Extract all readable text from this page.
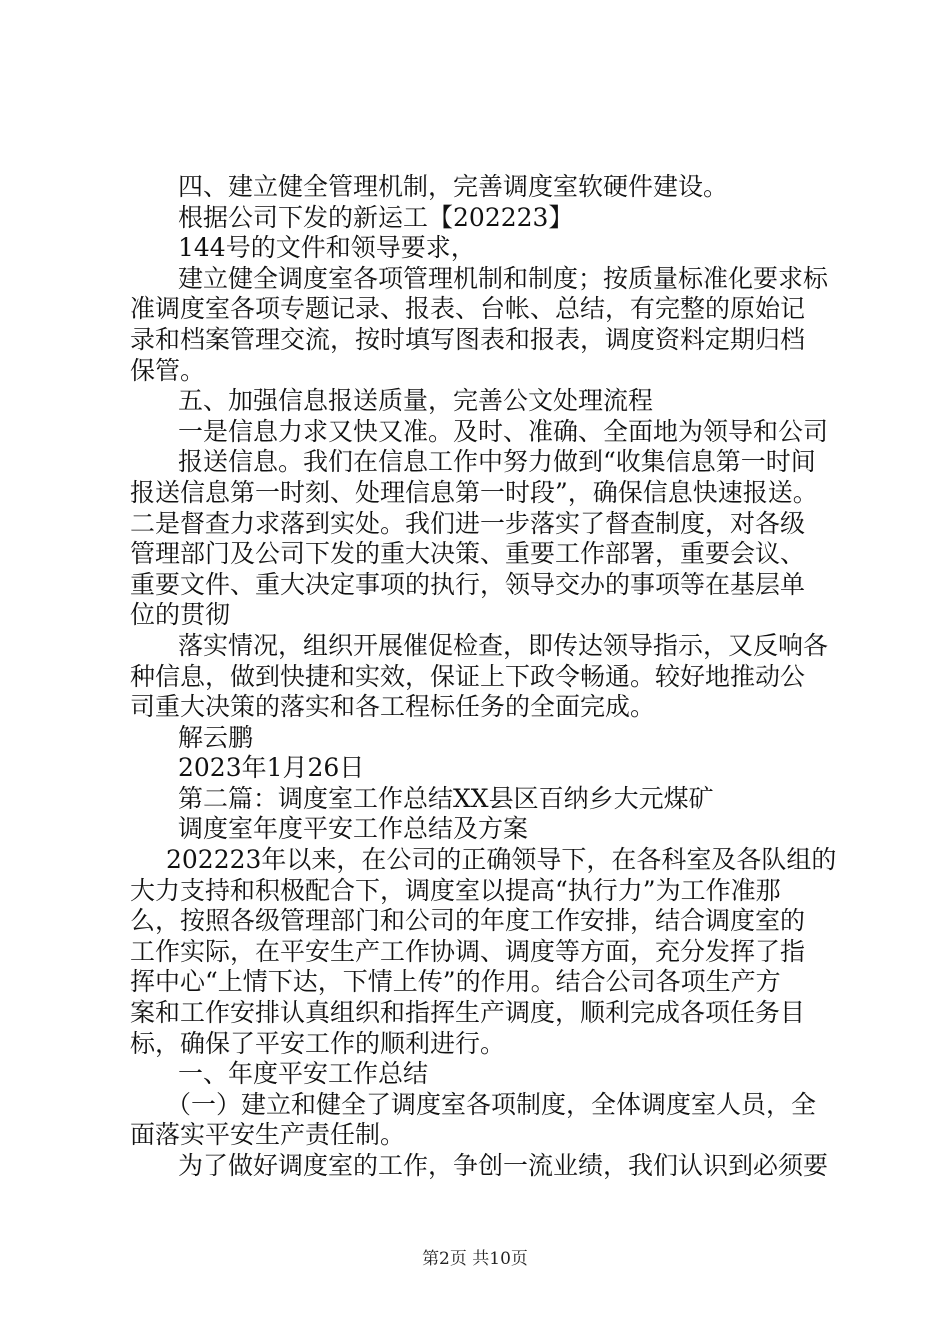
四、建立健全管理机制，完善调度室软硬件建设。
根据公司下发的新运工【202223】
144号的文件和领导要求，
建立健全调度室各项管理机制和制度；按质量标准化要求标
准调度室各项专题记录、报表、台帐、总结，有完整的原始记
录和档案管理交流，按时填写图表和报表，调度资料定期归档
保管。
五、加强信息报送质量，完善公文处理流程
一是信息力求又快又准。及时、准确、全面地为领导和公司
报送信息。我们在信息工作中努力做到“收集信息第一时间
报送信息第一时刻、处理信息第一时段”，确保信息快速报送。
二是督查力求落到实处。我们进一步落实了督查制度，对各级
管理部门及公司下发的重大决策、重要工作部署，重要会议、
重要文件、重大决定事项的执行，领导交办的事项等在基层单
位的贯彻
落实情况，组织开展催促检查，即传达领导指示，又反响各
种信息，做到快捷和实效，保证上下政令畅通。较好地推动公
司重大决策的落实和各工程标任务的全面完成。
解云鹏
2023年1月26日
第二篇：调度室工作总结XX县区百纳乡大元煤矿
调度室年度平安工作总结及方案
202223年以来，在公司的正确领导下，在各科室及各队组的
大力支持和积极配合下，调度室以提高“执行力”为工作准那
么，按照各级管理部门和公司的年度工作安排，结合调度室的
工作实际，在平安生产工作协调、调度等方面，充分发挥了指
挥中心“上情下达，下情上传”的作用。结合公司各项生产方
案和工作安排认真组织和指挥生产调度，顺利完成各项任务目
标，确保了平安工作的顺利进行。
一、年度平安工作总结
（一）建立和健全了调度室各项制度，全体调度室人员，全
面落实平安生产责任制。
为了做好调度室的工作，争创一流业绩，我们认识到必须要
第2页 共10页
